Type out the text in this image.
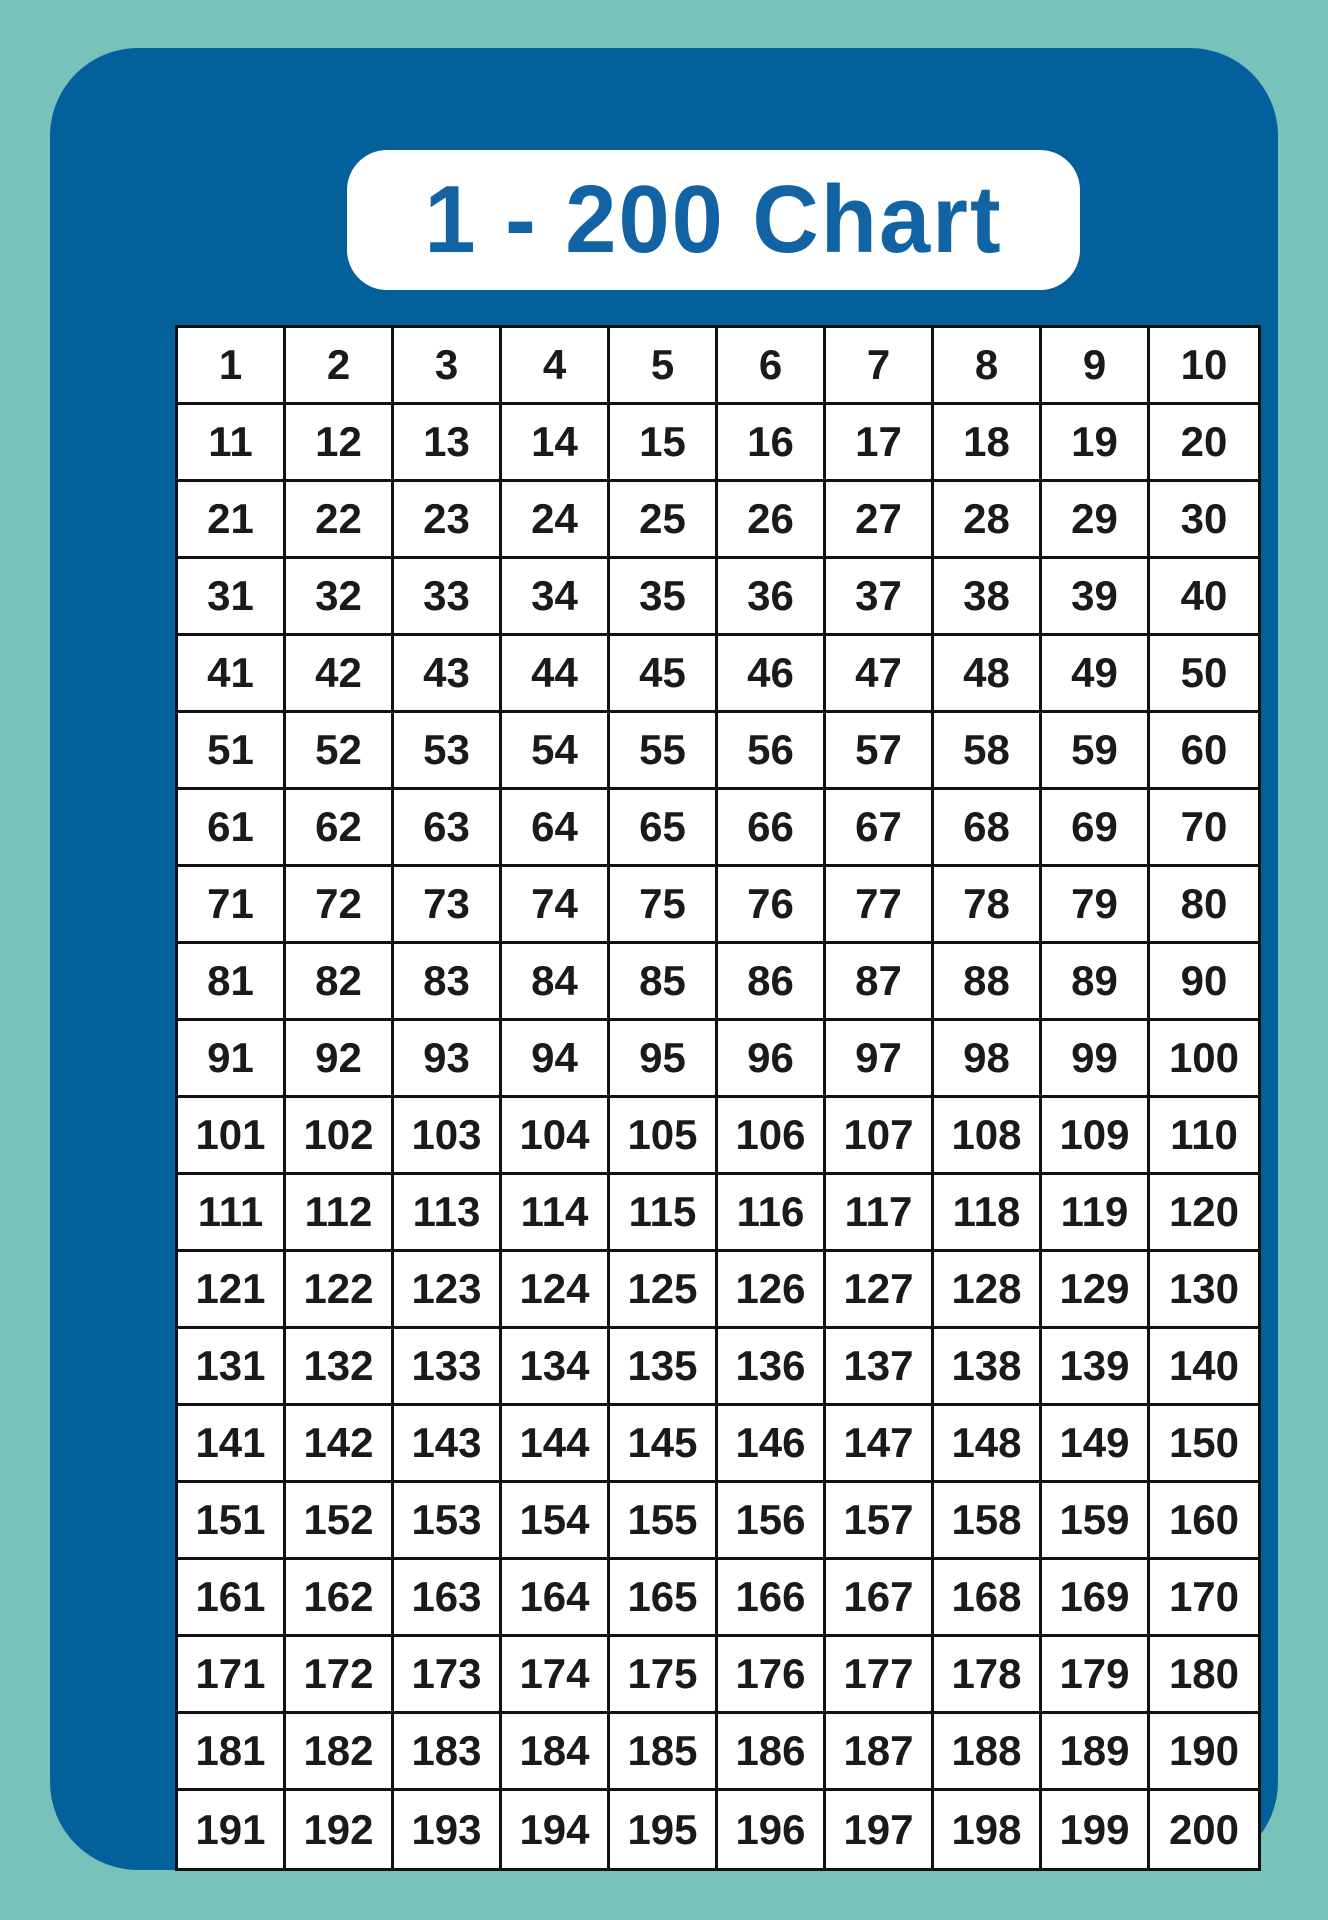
1 - 200 Chart
1	2	3	4	5	6	7	8	9	10
11	12	13	14	15	16	17	18	19	20
21	22	23	24	25	26	27	28	29	30
31	32	33	34	35	36	37	38	39	40
41	42	43	44	45	46	47	48	49	50
51	52	53	54	55	56	57	58	59	60
61	62	63	64	65	66	67	68	69	70
71	72	73	74	75	76	77	78	79	80
81	82	83	84	85	86	87	88	89	90
91	92	93	94	95	96	97	98	99	100
101 102 103 104 105 106 107 108 109 110
111 112 113 114 115 116 117 118 119 120
121 122 123 124 125 126 127 128 129 130
131 132 133 134 135 136 137 138 139 140
141 142 143 144 145 146 147 148 149 150
151 152 153 154 155 156 157 158 159 160
161 162 163 164 165 166 167 168 169 170
171 172 173 174 175 176 177 178 179 180
181 182 183 184 185 186 187 188 189 190
191 192 193 194 195 196 197 198 199 200
